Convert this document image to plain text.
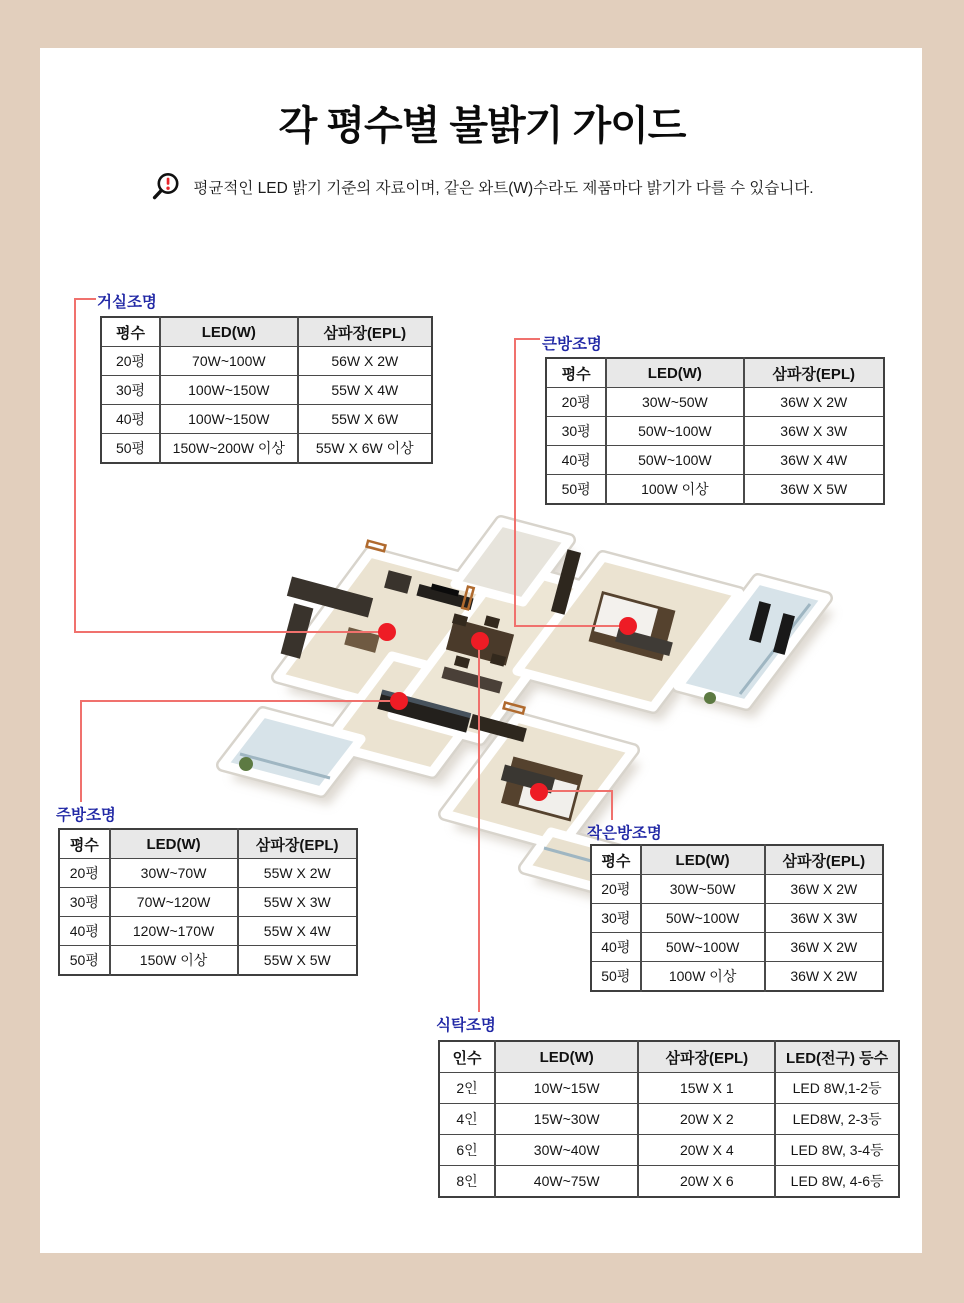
각 평수별 불밝기 가이드
평균적인 LED 밝기 기준의 자료이며, 같은 와트(W)수라도 제품마다 밝기가 다를 수 있습니다.
거실조명
큰방조명
주방조명
작은방조명
식탁조명
평수	LED(W)	삼파장(EPL)
20평	70W~100W	56W X 2W
30평	100W~150W	55W X 4W
40평	100W~150W	55W X 6W
50평	150W~200W 이상	55W X 6W 이상
평수	LED(W)	삼파장(EPL)
20평	30W~50W	36W X 2W
30평	50W~100W	36W X 3W
40평	50W~100W	36W X 4W
50평	100W 이상	36W X 5W
평수	LED(W)	삼파장(EPL)
20평	30W~70W	55W X 2W
30평	70W~120W	55W X 3W
40평	120W~170W	55W X 4W
50평	150W 이상	55W X 5W
평수	LED(W)	삼파장(EPL)
20평	30W~50W	36W X 2W
30평	50W~100W	36W X 3W
40평	50W~100W	36W X 2W
50평	100W 이상	36W X 2W
인수	LED(W)	삼파장(EPL)	LED(전구) 등수
2인	10W~15W	15W X 1	LED 8W,1-2등
4인	15W~30W	20W X 2	LED8W, 2-3등
6인	30W~40W	20W X 4	LED 8W, 3-4등
8인	40W~75W	20W X 6	LED 8W, 4-6등
